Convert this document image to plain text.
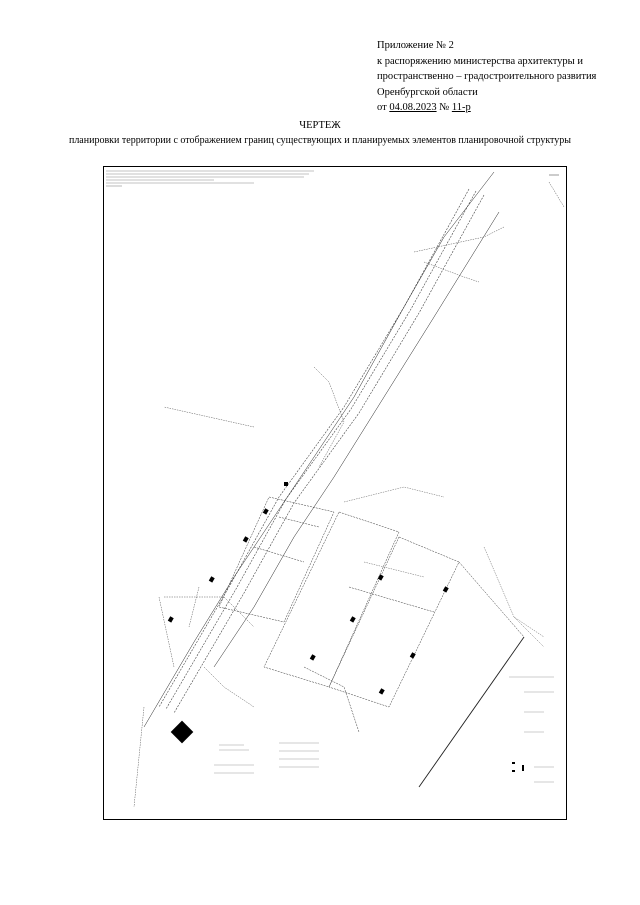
Приложение № 2
к распоряжению министерства архитектуры и
пространственно – градостроительного развития
Оренбургской области
от 04.08.2023 № 11-р
ЧЕРТЕЖ
планировки территории с отображением границ существующих и планируемых элементов планировочной структуры
